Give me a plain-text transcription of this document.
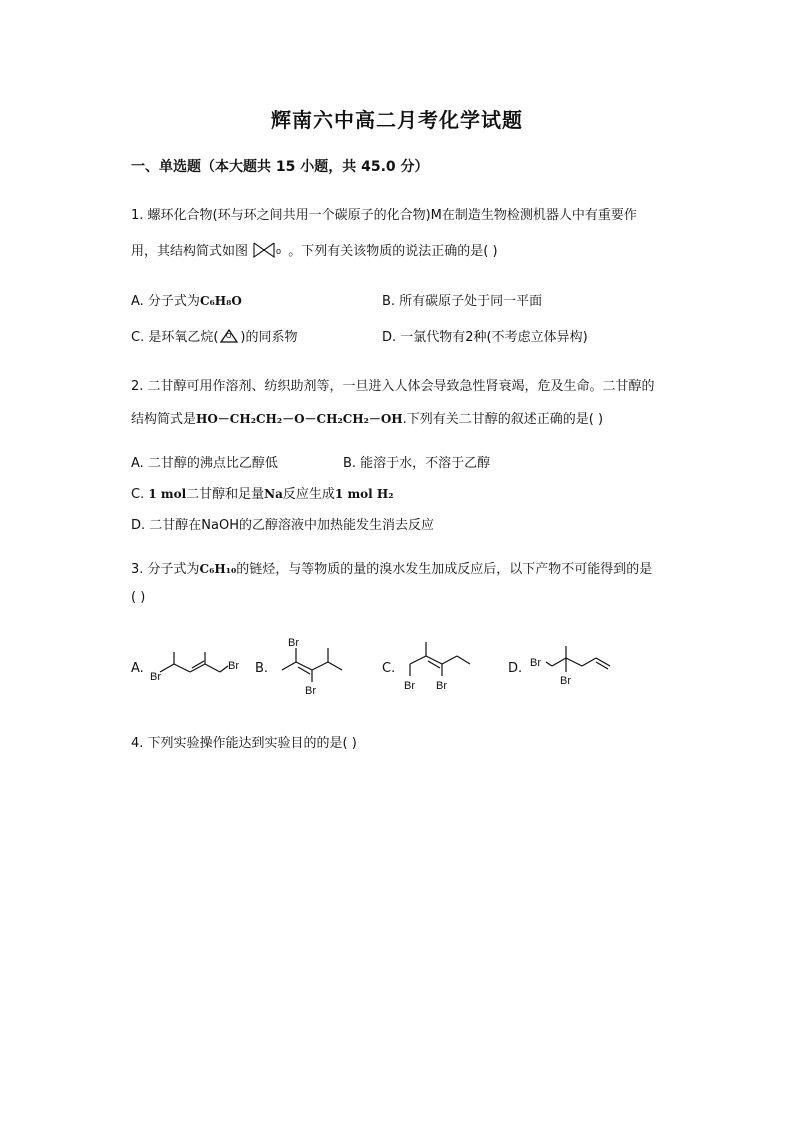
辉南六中高二月考化学试题
一、单选题（本大题共 15 小题，共 45.0 分）
1. 螺环化合物(环与环之间共用一个碳原子的化合物)M在制造生物检测机器人中有重要作
用，其结构简式如图	o 。下列有关该物质的说法正确的是( )
A. 分子式为C₆H₈O	B. 所有碳原子处于同一平面
C. 是环氧乙烷( O )的同系物	D. 一氯代物有2种(不考虑立体异构)
2. 二甘醇可用作溶剂、纺织助剂等，一旦进入人体会导致急性肾衰竭，危及生命。二甘醇的
结构简式是HO－CH₂CH₂－O－CH₂CH₂－OH.下列有关二甘醇的叙述正确的是( )
A. 二甘醇的沸点比乙醇低	B. 能溶于水，不溶于乙醇
C. 1 mol二甘醇和足量Na反应生成1 mol H₂
D. 二甘醇在NaOH的乙醇溶液中加热能发生消去反应
3. 分子式为C₆H₁₀的链烃，与等物质的量的溴水发生加成反应后，以下产物不可能得到的是
( )
A.
Br
Br B.
Br
Br
C.
Br Br
D. Br
Br
4. 下列实验操作能达到实验目的的是( )
